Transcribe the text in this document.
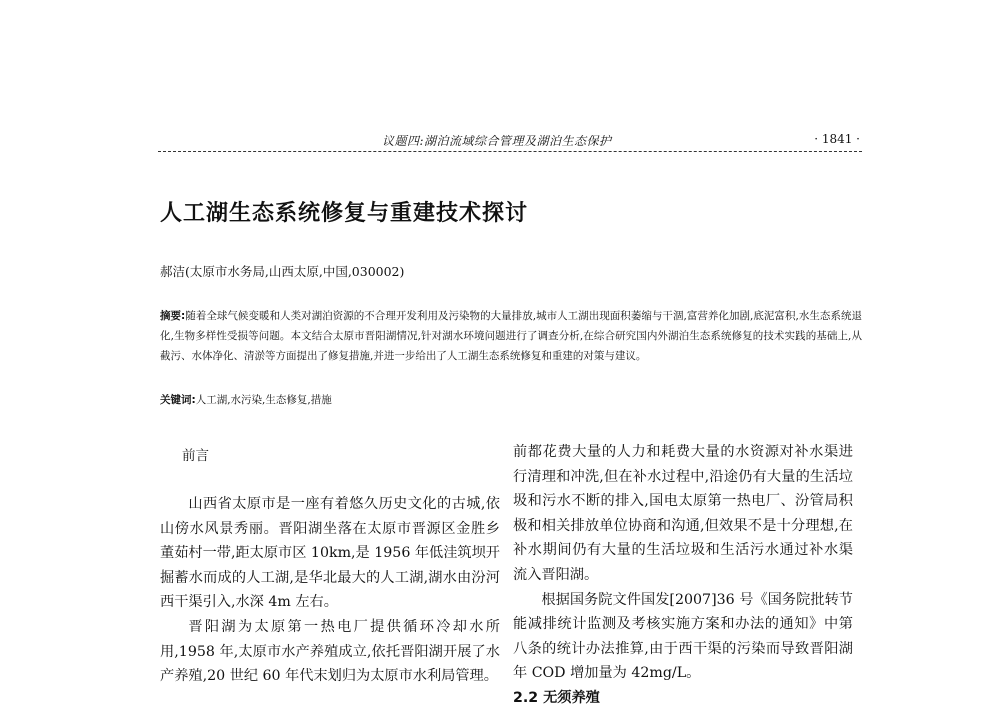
议题四:湖泊流域综合管理及湖泊生态保护	· 1841 ·
人工湖生态系统修复与重建技术探讨
郝洁(太原市水务局,山西太原,中国,030002)
摘要:随着全球气候变暖和人类对湖泊资源的不合理开发利用及污染物的大量排放,城市人工湖出现面积萎缩与干涸,富营养化加剧,底泥富积,水生态系统退化,生物多样性受损等问题。本文结合太原市晋阳湖情况,针对湖水环境问题进行了调查分析,在综合研究国内外湖泊生态系统修复的技术实践的基础上,从截污、水体净化、清淤等方面提出了修复措施,并进一步给出了人工湖生态系统修复和重建的对策与建议。
关键词:人工湖,水污染,生态修复,措施

前言

山西省太原市是一座有着悠久历史文化的古城,依山傍水风景秀丽。晋阳湖坐落在太原市晋源区金胜乡董茹村一带,距太原市区 10km,是 1956 年低洼筑坝开掘蓄水而成的人工湖,是华北最大的人工湖,湖水由汾河西干渠引入,水深 4m 左右。

晋阳湖为太原第一热电厂提供循环冷却水所用,1958 年,太原市水产养殖成立,依托晋阳湖开展了水产养殖,20 世纪 60 年代末划归为太原市水利局管理。

前都花费大量的人力和耗费大量的水资源对补水渠进行清理和冲洗,但在补水过程中,沿途仍有大量的生活垃圾和污水不断的排入,国电太原第一热电厂、汾管局积极和相关排放单位协商和沟通,但效果不是十分理想,在补水期间仍有大量的生活垃圾和生活污水通过补水渠流入晋阳湖。

根据国务院文件国发[2007]36 号《国务院批转节能减排统计监测及考核实施方案和办法的通知》中第八条的统计办法推算,由于西干渠的污染而导致晋阳湖年 COD 增加量为 42mg/L。

2.2 无须养殖
